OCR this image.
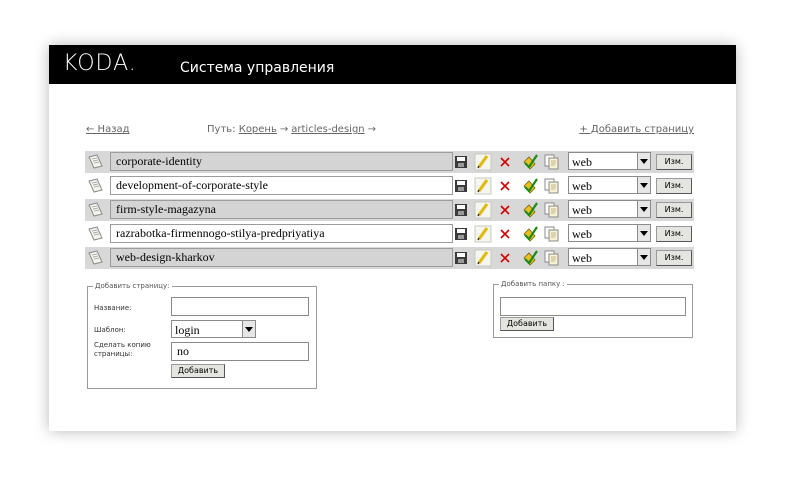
KODA.	Система управления
← Назад	Путь: Корень → articles-design →	+ Добавить страницу
corporate-identity	web	Изм.
development-of-corporate-style	web	Изм.
firm-style-magazyna	web	Изм.
razrabotka-firmennogo-stilya-predpriyatiya	web	Изм.
web-design-kharkov	web	Изм.
Добавить страницу:
Название:
Шаблон:	login
Сделать копию
страницы:	no
Добавить
Добавить папку :
Добавить
